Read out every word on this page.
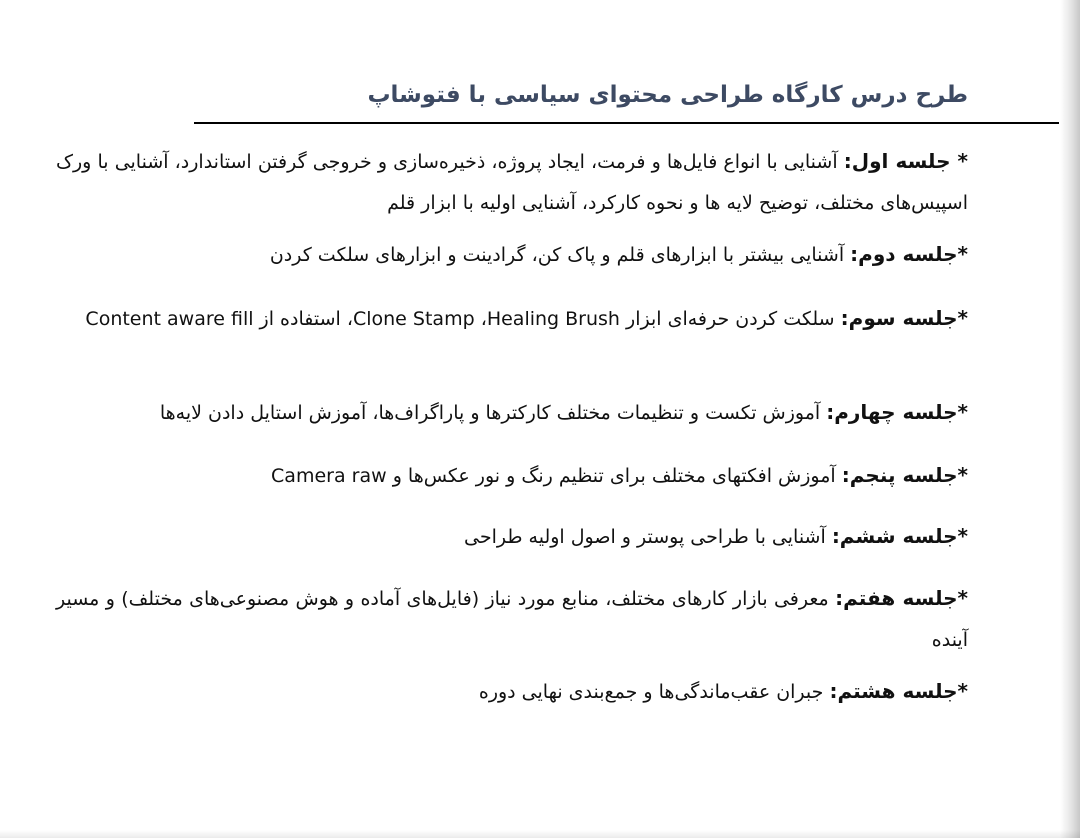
طرح درس کارگاه طراحی محتوای سیاسی با فتوشاپ

* جلسه اول: آشنایی با انواع فایل‌ها و فرمت، ایجاد پروژه، ذخیره‌سازی و خروجی گرفتن استاندارد، آشنایی با ورک اسپیس‌های مختلف، توضیح لایه ها و نحوه کارکرد، آشنایی اولیه با ابزار قلم

*جلسه دوم: آشنایی بیشتر با ابزارهای قلم و پاک کن، گرادینت و ابزارهای سلکت کردن

*جلسه سوم: سلکت کردن حرفه‌ای ابزار Healing Brush، Clone Stamp، استفاده از Content aware fill

*جلسه چهارم: آموزش تکست و تنظیمات مختلف کارکترها و پاراگراف‌ها، آموزش استایل دادن لایه‌ها

*جلسه پنجم: آموزش افکتهای مختلف برای تنظیم رنگ و نور عکس‌ها و Camera raw

*جلسه ششم: آشنایی با طراحی پوستر و اصول اولیه طراحی

*جلسه هفتم: معرفی بازار کارهای مختلف، منابع مورد نیاز (فایل‌های آماده و هوش مصنوعی‌های مختلف) و مسیر آینده

*جلسه هشتم: جبران عقب‌ماندگی‌ها و جمع‌بندی نهایی دوره
